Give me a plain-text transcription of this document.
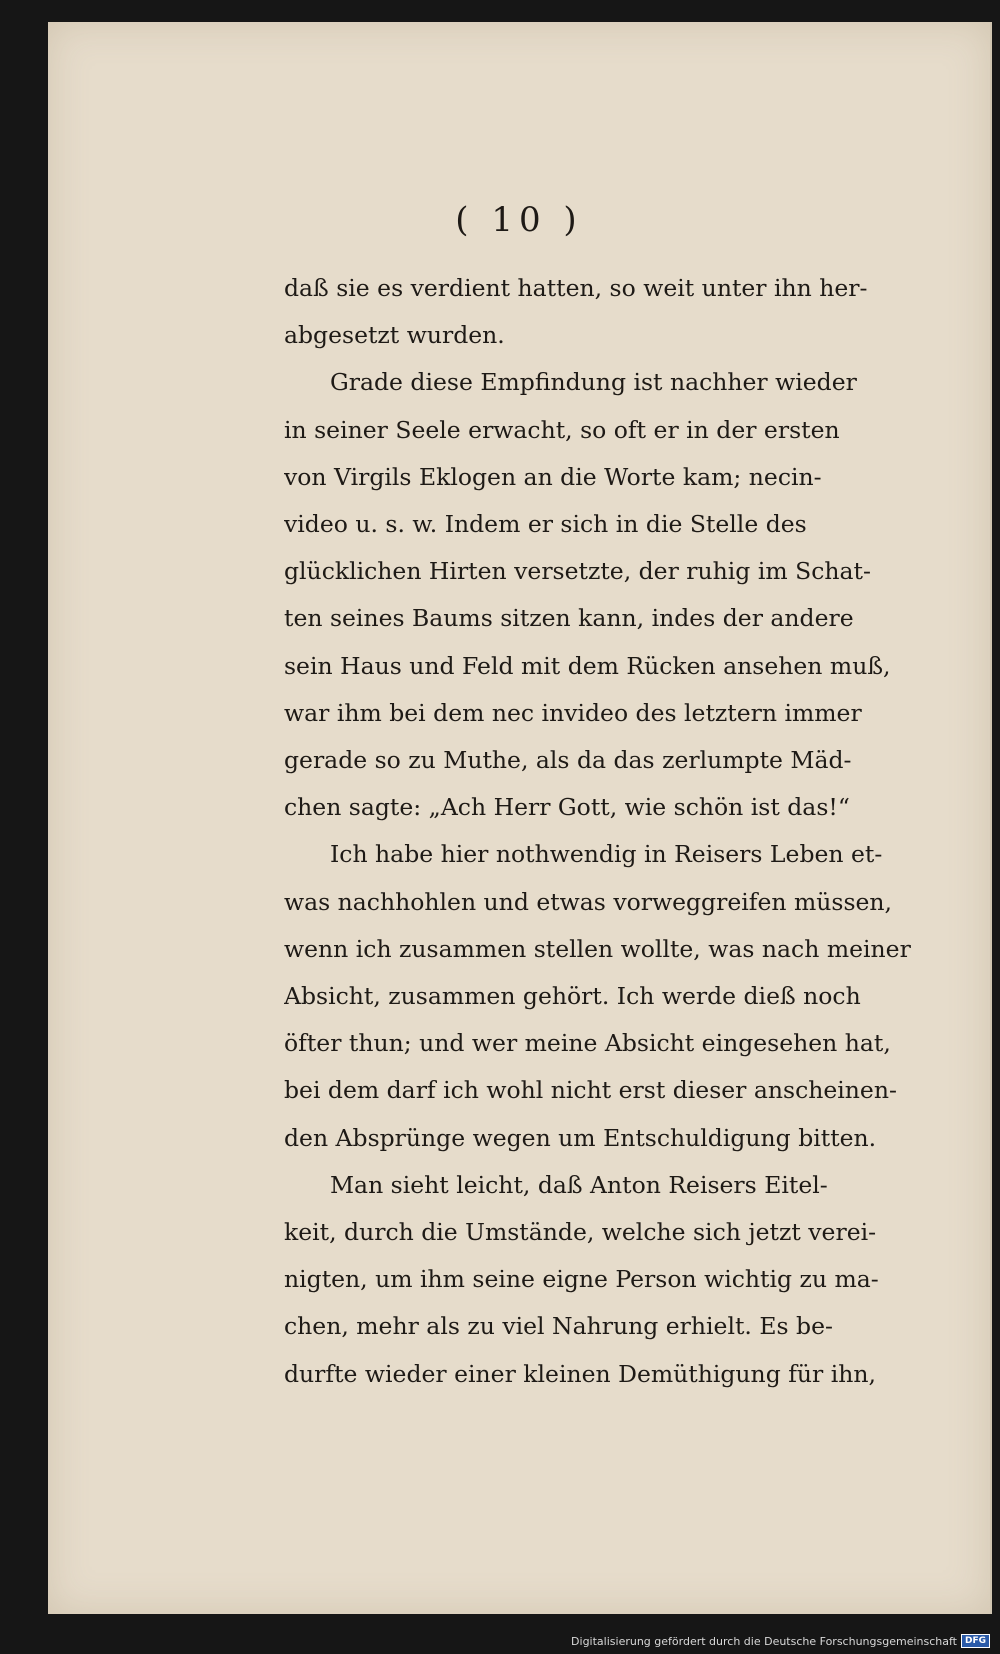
( 10 )
daß sie es verdient hatten, so weit unter ihn her-
abgesetzt wurden.
Grade diese Empfindung ist nachher wieder
in seiner Seele erwacht, so oft er in der ersten
von Virgils Eklogen an die Worte kam; necin-
video u. s. w. Indem er sich in die Stelle des
glücklichen Hirten versetzte, der ruhig im Schat-
ten seines Baums sitzen kann, indes der andere
sein Haus und Feld mit dem Rücken ansehen muß,
war ihm bei dem nec invideo des letztern immer
gerade so zu Muthe, als da das zerlumpte Mäd-
chen sagte: „Ach Herr Gott, wie schön ist das!“
Ich habe hier nothwendig in Reisers Leben et-
was nachhohlen und etwas vorweggreifen müssen,
wenn ich zusammen stellen wollte, was nach meiner
Absicht, zusammen gehört. Ich werde dieß noch
öfter thun; und wer meine Absicht eingesehen hat,
bei dem darf ich wohl nicht erst dieser anscheinen-
den Absprünge wegen um Entschuldigung bitten.
Man sieht leicht, daß Anton Reisers Eitel-
keit, durch die Umstände, welche sich jetzt verei-
nigten, um ihm seine eigne Person wichtig zu ma-
chen, mehr als zu viel Nahrung erhielt. Es be-
durfte wieder einer kleinen Demüthigung für ihn,
Digitalisierung gefördert durch die Deutsche Forschungsgemeinschaft DFG
